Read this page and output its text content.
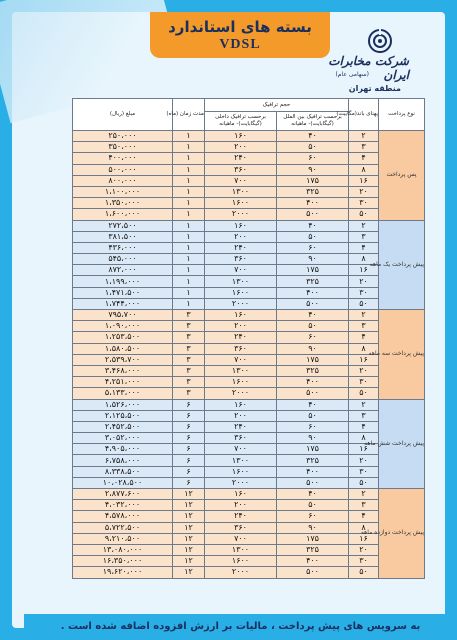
بسته های استاندارد
VDSL
شرکت مخابرات ایران
(سهامی عام)
منطقه تهران
نوع پرداخت	پهنای باند(مگابیت)	حجم ترافیک		مدت زمان (ماه)	مبلغ (ریال)
		برحسب ترافیک بین الملل (گیگابایت)- ماهیانه	برحسب ترافیک داخلی (گیگابایت)- ماهیانه		
پس پرداخت	۲	۴۰	۱۶۰	۱	۲۵۰،۰۰۰
	۳	۵۰	۲۰۰	۱	۳۵۰،۰۰۰
	۴	۶۰	۲۴۰	۱	۴۰۰،۰۰۰
	۸	۹۰	۳۶۰	۱	۵۰۰،۰۰۰
	۱۶	۱۷۵	۷۰۰	۱	۸۰۰،۰۰۰
	۲۰	۳۲۵	۱۳۰۰	۱	۱،۱۰۰،۰۰۰
	۳۰	۴۰۰	۱۶۰۰	۱	۱،۳۵۰،۰۰۰
	۵۰	۵۰۰	۲۰۰۰	۱	۱،۶۰۰،۰۰۰
پیش پرداخت یک ماهه	۲	۴۰	۱۶۰	۱	۲۷۲،۵۰۰
	۳	۵۰	۲۰۰	۱	۳۸۱،۵۰۰
	۴	۶۰	۲۴۰	۱	۴۳۶،۰۰۰
	۸	۹۰	۳۶۰	۱	۵۴۵،۰۰۰
	۱۶	۱۷۵	۷۰۰	۱	۸۷۲،۰۰۰
	۲۰	۳۲۵	۱۳۰۰	۱	۱،۱۹۹،۰۰۰
	۳۰	۴۰۰	۱۶۰۰	۱	۱،۴۷۱،۵۰۰
	۵۰	۵۰۰	۲۰۰۰	۱	۱،۷۴۴،۰۰۰
پیش پرداخت سه ماهه	۲	۴۰	۱۶۰	۳	۷۹۵،۷۰۰
	۳	۵۰	۲۰۰	۳	۱،۰۹۰،۰۰۰
	۴	۶۰	۲۴۰	۳	۱،۲۵۳،۵۰۰
	۸	۹۰	۳۶۰	۳	۱،۵۸۰،۵۰۰
	۱۶	۱۷۵	۷۰۰	۳	۲،۵۳۹،۷۰۰
	۲۰	۳۲۵	۱۳۰۰	۳	۳،۴۶۸،۰۰۰
	۳۰	۴۰۰	۱۶۰۰	۳	۴،۲۵۱،۰۰۰
	۵۰	۵۰۰	۲۰۰۰	۳	۵،۱۳۳،۰۰۰
پیش پرداخت شش ماهه	۲	۴۰	۱۶۰	۶	۱،۵۲۶،۰۰۰
	۳	۵۰	۲۰۰	۶	۲،۱۲۵،۵۰۰
	۴	۶۰	۲۴۰	۶	۲،۴۵۲،۵۰۰
	۸	۹۰	۳۶۰	۶	۳،۰۵۲،۰۰۰
	۱۶	۱۷۵	۷۰۰	۶	۴،۹۰۵،۰۰۰
	۲۰	۳۲۵	۱۳۰۰	۶	۶،۷۵۸،۰۰۰
	۳۰	۴۰۰	۱۶۰۰	۶	۸،۳۳۸،۵۰۰
	۵۰	۵۰۰	۲۰۰۰	۶	۱۰،۰۲۸،۵۰۰
پیش پرداخت دوازده ماهه	۲	۴۰	۱۶۰	۱۲	۲،۸۷۷،۶۰۰
	۳	۵۰	۲۰۰	۱۲	۴،۰۳۲،۰۰۰
	۴	۶۰	۲۴۰	۱۲	۴،۵۷۸،۰۰۰
	۸	۹۰	۳۶۰	۱۲	۵،۷۲۲،۵۰۰
	۱۶	۱۷۵	۷۰۰	۱۲	۹،۲۱۰،۵۰۰
	۲۰	۳۲۵	۱۳۰۰	۱۲	۱۳،۰۸۰،۰۰۰
	۳۰	۴۰۰	۱۶۰۰	۱۲	۱۶،۳۵۰،۰۰۰
	۵۰	۵۰۰	۲۰۰۰	۱۲	۱۹،۶۲۰،۰۰۰
به سرویس های پیش پرداخت ، مالیات بر ارزش افزوده اضافه شده است .
